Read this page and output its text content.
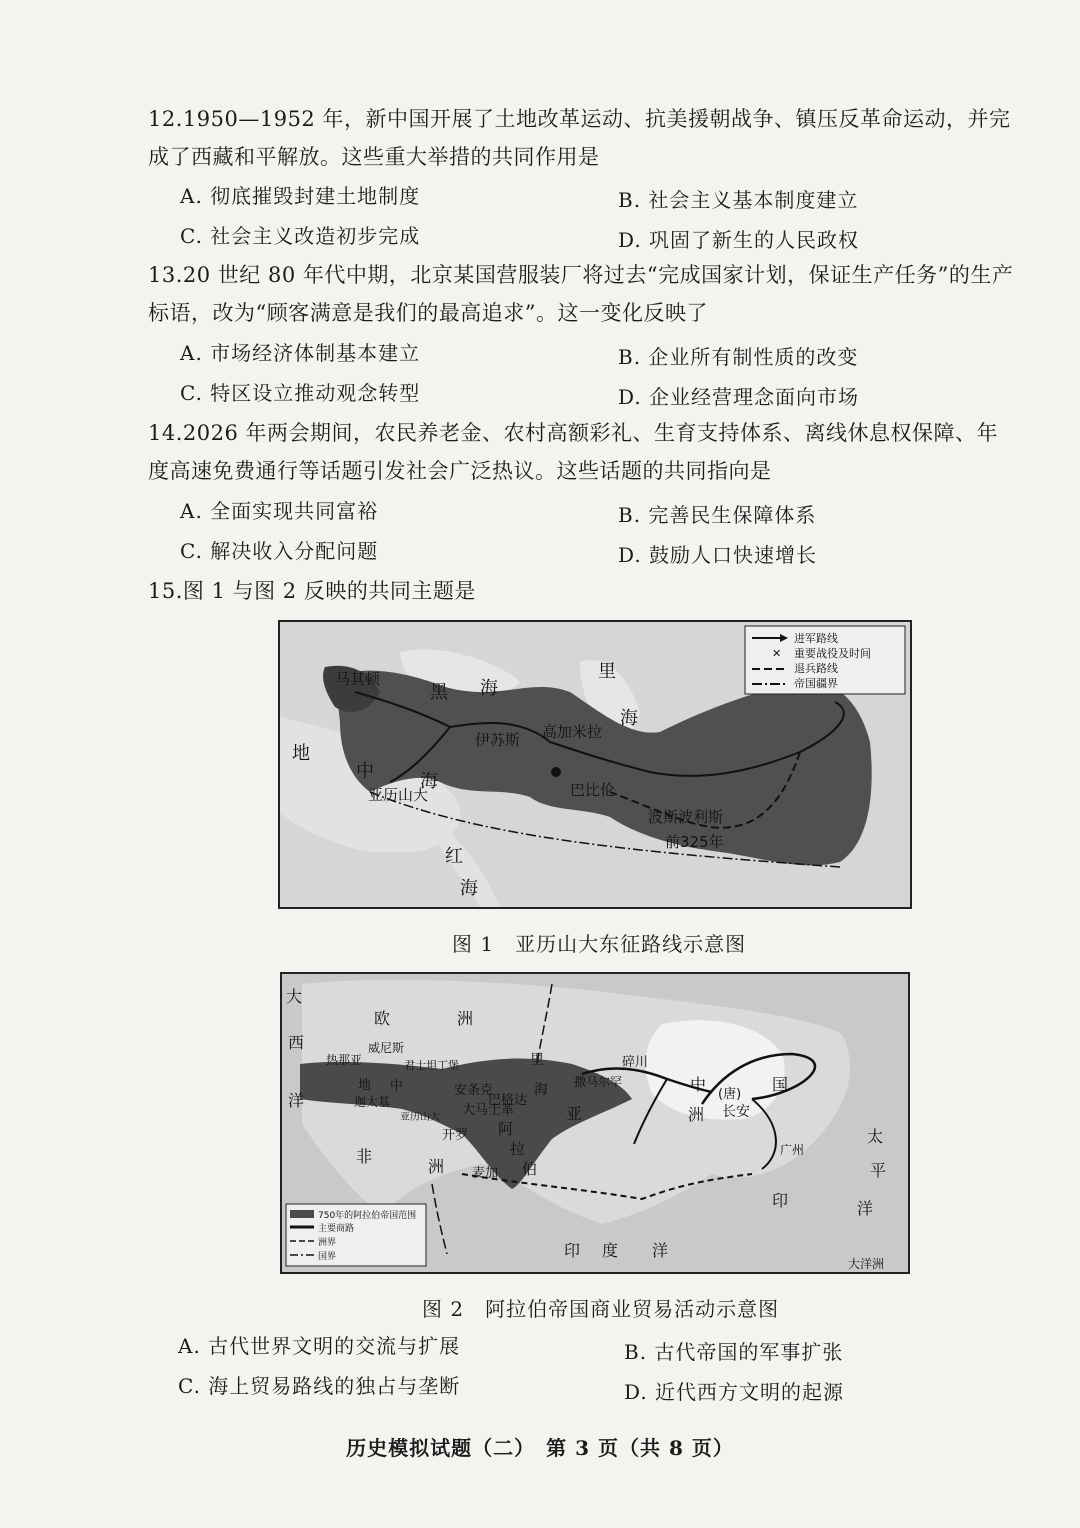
12.1950—1952 年，新中国开展了土地改革运动、抗美援朝战争、镇压反革命运动，并完成了西藏和平解放。这些重大举措的共同作用是
A. 彻底摧毁封建土地制度	B. 社会主义基本制度建立
C. 社会主义改造初步完成	D. 巩固了新生的人民政权
13.20 世纪 80 年代中期，北京某国营服装厂将过去“完成国家计划，保证生产任务”的生产标语，改为“顾客满意是我们的最高追求”。这一变化反映了
A. 市场经济体制基本建立	B. 企业所有制性质的改变
C. 特区设立推动观念转型	D. 企业经营理念面向市场
14.2026 年两会期间，农民养老金、农村高额彩礼、生育支持体系、离线休息权保障、年度高速免费通行等话题引发社会广泛热议。这些话题的共同指向是
A. 全面实现共同富裕	B. 完善民生保障体系
C. 解决收入分配问题	D. 鼓励人口快速增长
15.图 1 与图 2 反映的共同主题是
✕
进军路线
重要战役及时间
退兵路线
帝国疆界
马其顿
黑 海
里
海
地
中	海
伊苏斯 高加米拉
亚历山大	巴比伦
波斯波利斯
前325年
红
海
图 1　亚历山大东征路线示意图
750年的阿拉伯帝国范围
主要商路
洲界
国界
大
西
洋
欧	洲
热那亚
威尼斯
君士坦丁堡	里
海
碎川
撒马尔罕	中
洲
(唐)
国
长安
地 中
迦太基
亚历山大
安条克
巴格达
大马士革	亚
开罗 阿
拉
伯
麦加
非
洲
广州
太
平
洋
印
印 度 洋
大洋洲
图 2　阿拉伯帝国商业贸易活动示意图
A. 古代世界文明的交流与扩展	B. 古代帝国的军事扩张
C. 海上贸易路线的独占与垄断	D. 近代西方文明的起源
历史模拟试题（二）　第 3 页（共 8 页）
